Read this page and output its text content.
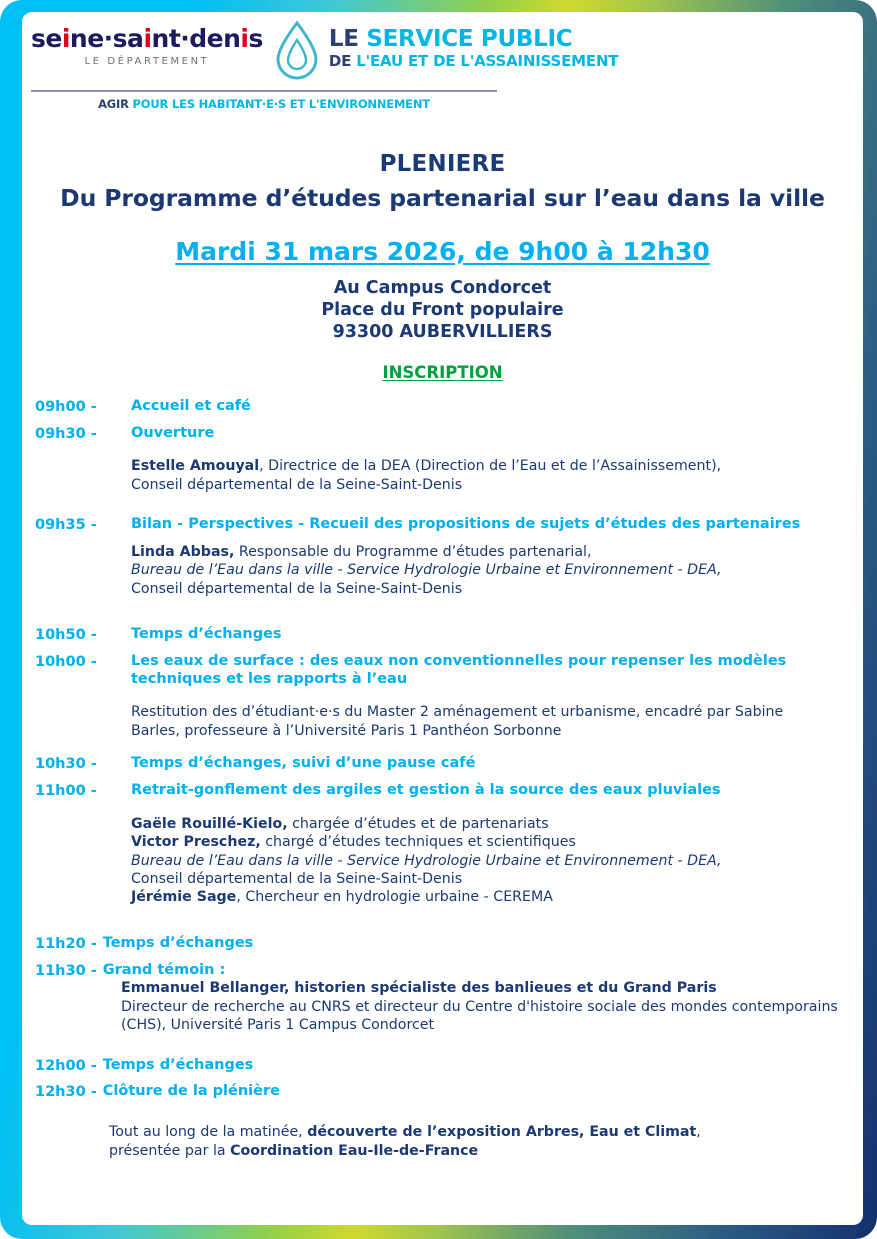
seine·saint·denis
LE DÉPARTEMENT
LE SERVICE PUBLIC
DE L'EAU ET DE L'ASSAINISSEMENT
AGIR POUR LES HABITANT·E·S ET L'ENVIRONNEMENT
PLENIERE
Du Programme d’études partenarial sur l’eau dans la ville
Mardi 31 mars 2026, de 9h00 à 12h30
Au Campus Condorcet
Place du Front populaire
93300 AUBERVILLIERS
INSCRIPTION
09h00 -	Accueil et café
09h30 -	Ouverture
Estelle Amouyal, Directrice de la DEA (Direction de l’Eau et de l’Assainissement),
Conseil départemental de la Seine-Saint-Denis
09h35 -	Bilan - Perspectives - Recueil des propositions de sujets d’études des partenaires
Linda Abbas, Responsable du Programme d’études partenarial,
Bureau de l’Eau dans la ville - Service Hydrologie Urbaine et Environnement - DEA,
Conseil départemental de la Seine-Saint-Denis
10h50 -	Temps d’échanges
10h00 -	Les eaux de surface : des eaux non conventionnelles pour repenser les modèles techniques et les rapports à l’eau
Restitution des d’étudiant·e·s du Master 2 aménagement et urbanisme, encadré par Sabine Barles, professeure à l’Université Paris 1 Panthéon Sorbonne
10h30 -	Temps d’échanges, suivi d’une pause café
11h00 -	Retrait-gonflement des argiles et gestion à la source des eaux pluviales
Gaële Rouillé-Kielo, chargée d’études et de partenariats
Victor Preschez, chargé d’études techniques et scientifiques
Bureau de l’Eau dans la ville - Service Hydrologie Urbaine et Environnement - DEA,
Conseil départemental de la Seine-Saint-Denis
Jérémie Sage, Chercheur en hydrologie urbaine - CEREMA
11h20 - Temps d’échanges
11h30 - Grand témoin :
Emmanuel Bellanger, historien spécialiste des banlieues et du Grand Paris
Directeur de recherche au CNRS et directeur du Centre d'histoire sociale des mondes contemporains (CHS), Université Paris 1 Campus Condorcet
12h00 - Temps d’échanges
12h30 - Clôture de la plénière
Tout au long de la matinée, découverte de l’exposition Arbres, Eau et Climat,
présentée par la Coordination Eau-Ile-de-France
